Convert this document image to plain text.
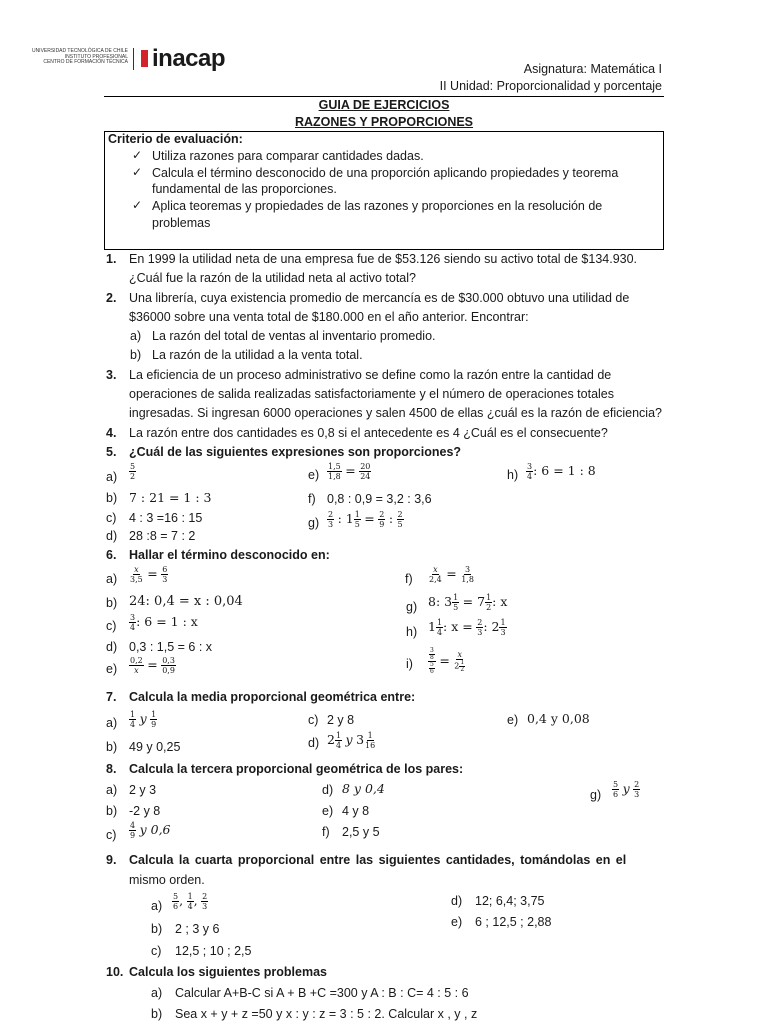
UNIVERSIDAD TECNOLÓGICA DE CHILE
INSTITUTO PROFESIONAL
CENTRO DE FORMACIÓN TÉCNICA inacap	Asignatura: Matemática I
II Unidad: Proporcionalidad y porcentaje
GUIA DE EJERCICIOS
RAZONES Y PROPORCIONES
Criterio de evaluación:
✓ Utiliza razones para comparar cantidades dadas.
✓ Calcula el término desconocido de una proporción aplicando propiedades y teorema
fundamental de las proporciones.
✓ Aplica teoremas y propiedades de las razones y proporciones en la resolución de
problemas
1. En 1999 la utilidad neta de una empresa fue de $53.126 siendo su activo total de $134.930.
¿Cuál fue la razón de la utilidad neta al activo total?
2. Una librería, cuya existencia promedio de mercancía es de $30.000 obtuvo una utilidad de
$36000 sobre una venta total de $180.000 en el año anterior. Encontrar:
a) La razón del total de ventas al inventario promedio.
b) La razón de la utilidad a la venta total.
3. La eficiencia de un proceso administrativo se define como la razón entre la cantidad de
operaciones de salida realizadas satisfactoriamente y el número de operaciones totales
ingresadas. Si ingresan 6000 operaciones y salen 4500 de ellas ¿cuál es la razón de eficiencia?
4. La razón entre dos cantidades es 0,8 si el antecedente es 4 ¿Cuál es el consecuente?
5. ¿Cuál de las siguientes expresiones son proporciones?
$a) \frac{5}{2}$
b) 7 : 21 = 1 : 3
c) 4 : 3 =16 : 15
d) 28 :8 = 7 : 2
$e) \frac{1,5}{1,8} = \frac{20}{24}$
f) 0,8 : 0,9 = 3,2 : 3,6
$g) \frac{2}{3}$ : $1 \frac{1}{5} = \frac{2}{9}$ : $\frac{2}{5}$
$h) \frac{3}{4}$ : 6 = 1 : 8
6. Hallar el término desconocido en:
$a) \frac{x}{3,5} = \frac{6}{3}$
b) 24: 0,4 = x : 0,04
$c) \frac{3}{4}$ : 6 = 1 : x
d) 0,3 : 1,5 = 6 : x
$e) \frac{0,2}{x} = \frac{0,3}{0,9}$
$f) \frac{x}{2,4} = \frac{3}{1,8}$
g) 8: $3 \frac{1}{5} = 7 \frac{1}{2}$ : x
h) $1 \frac{1}{4}$ : $x = \frac{2}{3}$ : $2 \frac{1}{3}$
i)	$\frac{\frac{3}{8}}{\frac{5}{6}} = \frac{x}{2 \frac{1}{2}}$
7. Calcula la media proporcional geométrica entre:
$a) \frac{1}{4}$ y $\frac{1}{9}$
b) 49 y 0,25
c) 2 y 8
d) $2 \frac{1}{4}$ y $3 \frac{1}{16}$
e) 0,4 y 0,08
8. Calcula la tercera proporcional geométrica de los pares:
a) 2 y 3
b) -2 y 8
$c) \frac{4}{9}$ y 0,6
d) 8 y 0,4
e) 4 y 8
f) 2,5 y 5
$g) \frac{5}{6}$ y $\frac{2}{3}$
9. Calcula la cuarta proporcional entre las siguientes cantidades, tomándolas en el
mismo orden.
$a) \frac{5}{6}$ , $\frac{1}{4}$ , $\frac{2}{3}$
b) 2 ; 3 y 6
c) 12,5 ; 10 ; 2,5
d) 12; 6,4; 3,75
e) 6 ; 12,5 ; 2,88
10. Calcula los siguientes problemas
a) Calcular A+B-C si A + B +C =300 y A : B : C= 4 : 5 : 6
b) Sea x + y + z =50 y x : y : z = 3 : 5 : 2. Calcular x , y , z
